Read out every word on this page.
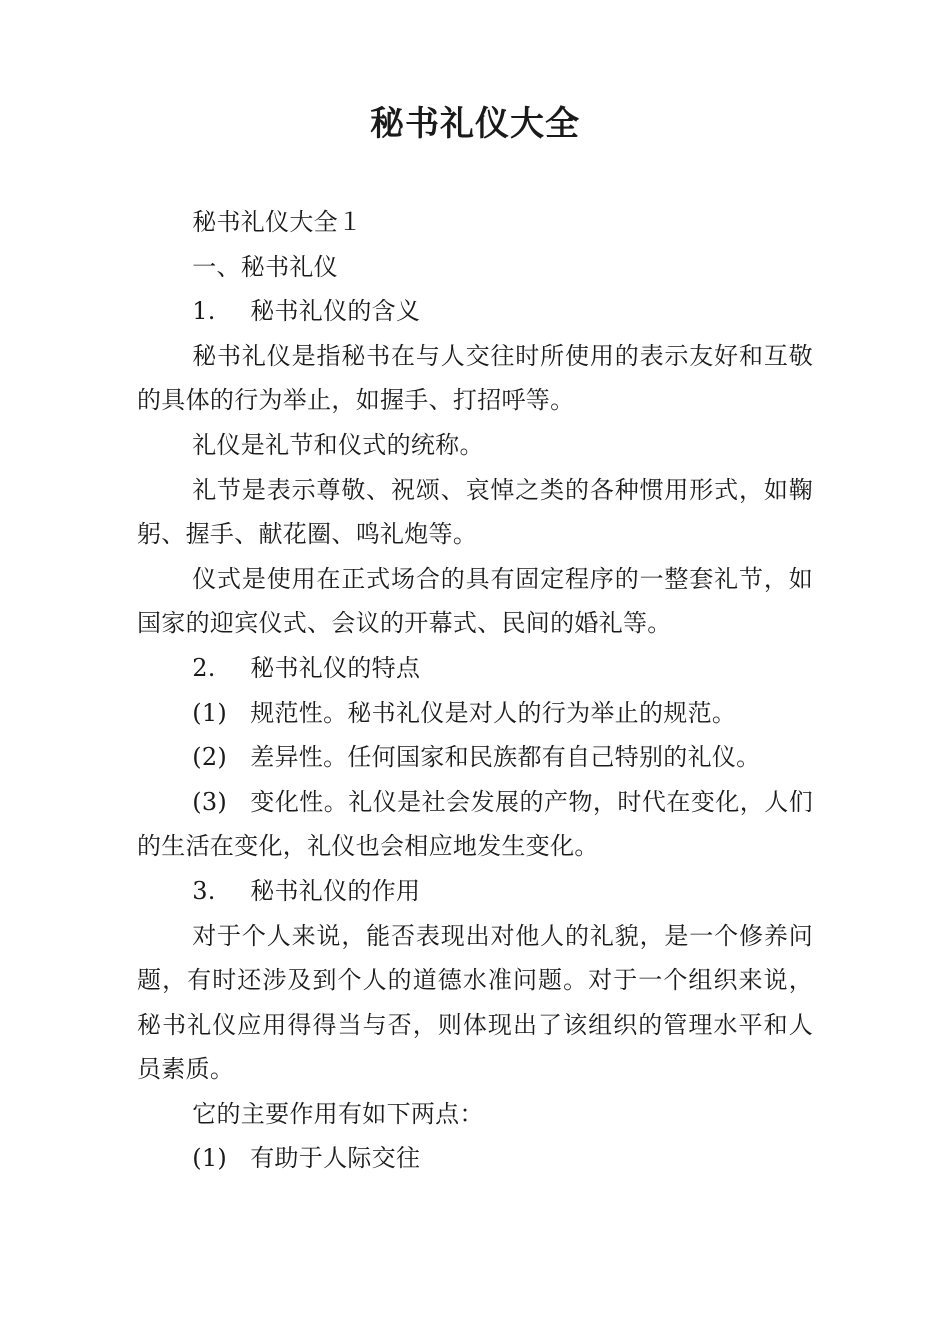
秘书礼仪大全

秘书礼仪大全１

一、秘书礼仪

1. 秘书礼仪的含义

秘书礼仪是指秘书在与人交往时所使用的表示友好和互敬的具体的行为举止，如握手、打招呼等。

礼仪是礼节和仪式的统称。

礼节是表示尊敬、祝颂、哀悼之类的各种惯用形式，如鞠躬、握手、献花圈、鸣礼炮等。

仪式是使用在正式场合的具有固定程序的一整套礼节，如国家的迎宾仪式、会议的开幕式、民间的婚礼等。

2. 秘书礼仪的特点

(1) 规范性。秘书礼仪是对人的行为举止的规范。

(2) 差异性。任何国家和民族都有自己特别的礼仪。

(3) 变化性。礼仪是社会发展的产物，时代在变化，人们的生活在变化，礼仪也会相应地发生变化。

3. 秘书礼仪的作用

对于个人来说，能否表现出对他人的礼貌，是一个修养问题，有时还涉及到个人的道德水准问题。对于一个组织来说，秘书礼仪应用得得当与否，则体现出了该组织的管理水平和人员素质。

它的主要作用有如下两点：

(1) 有助于人际交往
